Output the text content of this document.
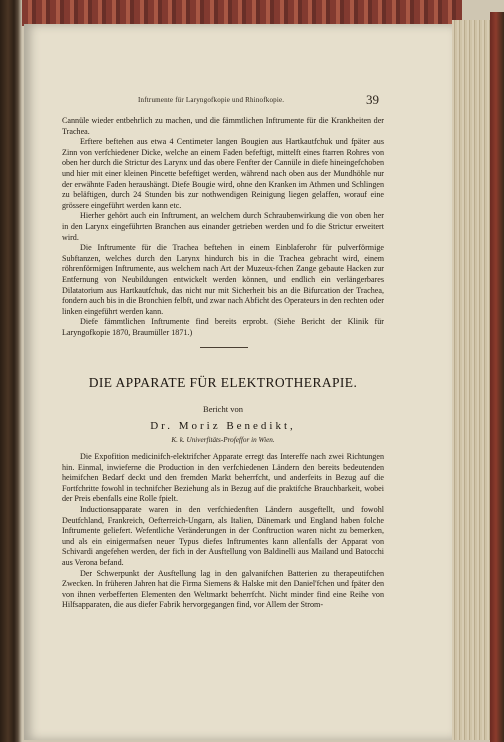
Inftrumente für Laryngofkopie und Rhinofkopie.	39

Cannüle wieder entbehrlich zu machen, und die fämmtlichen Inftrumente für die Krankheiten der Trachea.

Erftere beftehen aus etwa 4 Centimeter langen Bougien aus Hartkautfchuk und fpäter aus Zinn von verfchiedener Dicke, welche an einem Faden befeftigt, mittelft eines ftarren Rohres von oben her durch die Strictur des Larynx und das obere Fenfter der Cannüle in diefe hineingefchoben und hier mit einer kleinen Pincette befeftiget werden, während nach oben aus der Mundhöhle nur der erwähnte Faden heraushängt. Diefe Bougie wird, ohne den Kranken im Athmen und Schlingen zu beläftigen, durch 24 Stunden bis zur nothwendigen Reinigung liegen gelaffen, worauf eine grössere eingeführt werden kann etc.

Hierher gehört auch ein Inftrument, an welchem durch Schraubenwirkung die von oben her in den Larynx eingeführten Branchen aus einander getrieben werden und fo die Strictur erweitert wird.

Die Inftrumente für die Trachea beftehen in einem Einblaferohr für pulverförmige Subftanzen, welches durch den Larynx hindurch bis in die Trachea gebracht wird, einem röhrenförmigen Inftrumente, aus welchem nach Art der Muzeux-fchen Zange gebaute Hacken zur Entfernung von Neubildungen entwickelt werden können, und endlich ein verlängerbares Dilatatorium aus Hartkautfchuk, das nicht nur mit Sicherheit bis an die Bifurcation der Trachea, fondern auch bis in die Bronchien felbft, und zwar nach Abficht des Operateurs in den rechten oder linken eingeführt werden kann.

Diefe fämmtlichen Inftrumente find bereits erprobt. (Siehe Bericht der Klinik für Laryngofkopie 1870, Braumüller 1871.)

DIE APPARATE FÜR ELEKTROTHERAPIE.
Bericht von
Dr. Moriz Benedikt,
K. k. Univerfitäts-Profeffor in Wien.

Die Expofition medicinifch-elektrifcher Apparate erregt das Intereffe nach zwei Richtungen hin. Einmal, inwieferne die Production in den verfchiedenen Ländern den bereits bedeutenden heimifchen Bedarf deckt und den fremden Markt beherrfcht, und anderfeits in Bezug auf die Fortfchritte fowohl in technifcher Beziehung als in Bezug auf die praktifche Brauchbarkeit, wobei der Preis ebenfalls eine Rolle fpielt.

Inductionsapparate waren in den verfchiedenften Ländern ausgeftellt, und fowohl Deutfchland, Frankreich, Oefterreich-Ungarn, als Italien, Dänemark und England haben folche Inftrumente geliefert. Wefentliche Veränderungen in der Conftruction waren nicht zu bemerken, und als ein einigermafsen neuer Typus diefes Inftrumentes kann allenfalls der Apparat von Schivardi angefehen werden, der fich in der Ausftellung von Baldinelli aus Mailand und Batocchi aus Verona befand.

Der Schwerpunkt der Ausftellung lag in den galvanifchen Batterien zu therapeutifchen Zwecken. In früheren Jahren hat die Firma Siemens & Halske mit den Daniel'fchen und fpäter den von ihnen verbefferten Elementen den Weltmarkt beherrfcht. Nicht minder find eine Reihe von Hilfsapparaten, die aus diefer Fabrik hervorgegangen find, vor Allem der Strom-
